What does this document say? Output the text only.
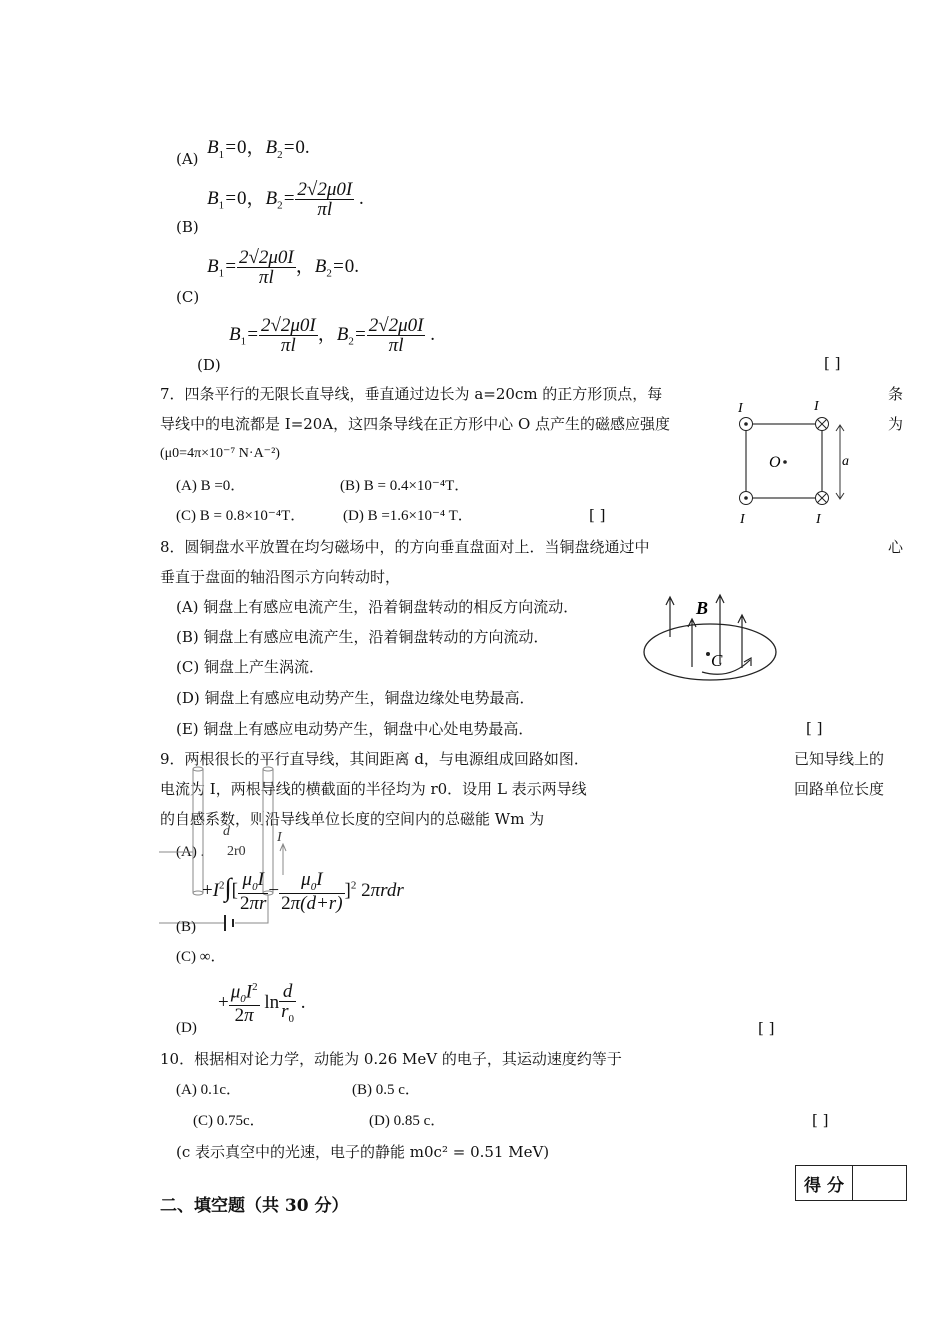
(A)
$B_1=0$，$B_2=0$.
(B)
$B_1=0$，$B_2= \frac{2√2\mu 0I}{\pi l}$ .
(C)
$B_1= \frac{2√2\mu 0I}{\pi l}$ ，$B_2=0$.
(D)
$B_1= \frac{2√2\mu 0I}{\pi l}$ ，$B_2= \frac{2√2\mu 0I}{\pi l}$ .
[ ]
7．四条平行的无限长直导线，垂直通过边长为 a=20cm 的正方形顶点，每	条
导线中的电流都是 I=20A，这四条导线在正方形中心 O 点产生的磁感应强度	为
(μ0=4π×10⁻⁷ N·A⁻²)
(A) B =0．	(B) B = 0.4×10⁻⁴T．
(C) B = 0.8×10⁻⁴T．	(D) B =1.6×10⁻⁴ T．	[ ]
I	I
I	I
O	a
8．圆铜盘水平放置在均匀磁场中，的方向垂直盘面对上．当铜盘绕通过中	心
垂直于盘面的轴沿图示方向转动时，
(A) 铜盘上有感应电流产生，沿着铜盘转动的相反方向流动．
(B) 铜盘上有感应电流产生，沿着铜盘转动的方向流动．
(C) 铜盘上产生涡流．
(D) 铜盘上有感应电动势产生，铜盘边缘处电势最高．
(E) 铜盘上有感应电动势产生，铜盘中心处电势最高．	[ ]
B
C
9．两根很长的平行直导线，其间距离 d，与电源组成回路如图．	已知导线上的
电流为 I，两根导线的横截面的半径均为 r0．设用 L 表示两导线	回路单位长度
的自感系数，则沿导线单位长度的空间内的总磁能 Wm 为
(A) .
d
2r0
I
(B)
$+I^2\int[ \frac{\mu_0I}{2\pi r} - \frac{\mu_0I}{2\pi(d+r)} ]^2$ 2πrdr
(C) ∞．
(D)
+ $\frac{\mu_0I^2}{2\pi}$ $\ln \frac{d}{r_0}$ .
[ ]
10．根据相对论力学，动能为 0.26 MeV 的电子，其运动速度约等于
(A) 0.1c．	(B) 0.5 c．
(C) 0.75c．	(D) 0.85 c．	[ ]
(c 表示真空中的光速，电子的静能 m0c² = 0.51 MeV)
得 分
二、填空题（共 30 分）
